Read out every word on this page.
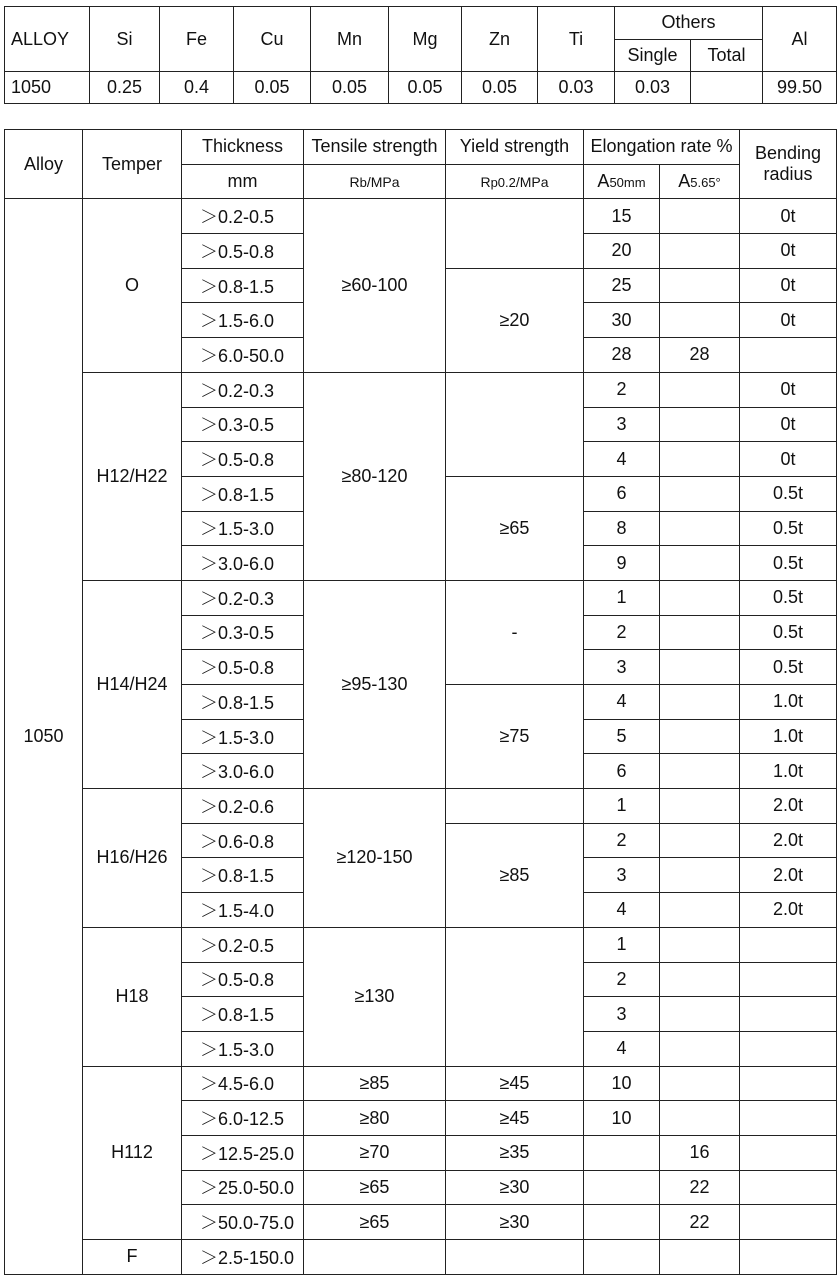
ALLOY	Si	Fe	Cu	Mn	Mg	Zn	Ti	Others		Al
								Single	Total	
1050	0.25	0.4	0.05	0.05	0.05	0.05	0.03	0.03		99.50
Alloy	Temper	Thickness	Tensile strength	Yield strength	Elongation rate %		Bending
radius
		mm	Rb/MPa	Rp0.2/MPa	A50mm	A5.65°	
1050	O	＞0.2-0.5	≥60-100		15		0t
		＞0.5-0.8			20		0t
		＞0.8-1.5		≥20	25		0t
		＞1.5-6.0			30		0t
		＞6.0-50.0			28	28	
	H12/H22	＞0.2-0.3	≥80-120		2		0t
		＞0.3-0.5			3		0t
		＞0.5-0.8			4		0t
		＞0.8-1.5		≥65	6		0.5t
		＞1.5-3.0			8		0.5t
		＞3.0-6.0			9		0.5t
	H14/H24	＞0.2-0.3	≥95-130	-	1		0.5t
		＞0.3-0.5			2		0.5t
		＞0.5-0.8			3		0.5t
		＞0.8-1.5		≥75	4		1.0t
		＞1.5-3.0			5		1.0t
		＞3.0-6.0			6		1.0t
	H16/H26	＞0.2-0.6	≥120-150		1		2.0t
		＞0.6-0.8		≥85	2		2.0t
		＞0.8-1.5			3		2.0t
		＞1.5-4.0			4		2.0t
	H18	＞0.2-0.5	≥130		1		
		＞0.5-0.8			2		
		＞0.8-1.5			3		
		＞1.5-3.0			4		
	H112	＞4.5-6.0	≥85	≥45	10		
		＞6.0-12.5	≥80	≥45	10		
		＞12.5-25.0	≥70	≥35		16	
		＞25.0-50.0	≥65	≥30		22	
		＞50.0-75.0	≥65	≥30		22	
	F	＞2.5-150.0					
